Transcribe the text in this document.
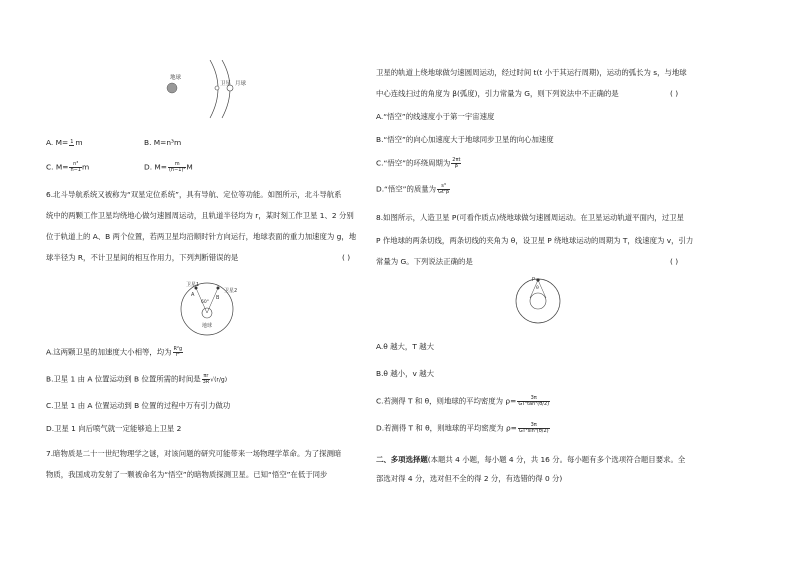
地球
卫星 月球
A. M= 1 m	B. M=n³m
C. $M= \frac{\text{n³}}{n-1}$ m	D. $M= \frac{m}{\text{(n−1)²}}$ M
6.北斗导航系统又被称为“双星定位系统”，具有导航、定位等功能。如图所示，北斗导航系
统中的两颗工作卫星均绕地心做匀速圆周运动，且轨道半径均为 r，某时刻工作卫星 1、2 分别
位于轨道上的 A、B 两个位置，若两卫星均沿顺时针方向运行，地球表面的重力加速度为 g，地
球半径为 R，不计卫星间的相互作用力，下列判断错误的是	( )
卫星1
卫星2
A	B
60°
地球
A.这两颗卫星的加速度大小相等，均为 $\frac{\text{R²g}}{\text{r²}}$
B.卫星 1 由 A 位置运动到 B 位置所需的时间是 $\frac{\pi r}{3R} √(r/g)$
C.卫星 1 由 A 位置运动到 B 位置的过程中万有引力做功
D.卫星 1 向后喷气就一定能够追上卫星 2
7.暗物质是二十一世纪物理学之谜，对该问题的研究可能带来一场物理学革命。为了探测暗
物质，我国成功发射了一颗被命名为“悟空”的暗物质探测卫星。已知“悟空”在低于同步
卫星的轨道上绕地球做匀速圆周运动，经过时间 t(t 小于其运行周期)，运动的弧长为 s，与地球
中心连线扫过的角度为 β(弧度)，引力常量为 G，则下列说法中不正确的是	( )
A.“悟空”的线速度小于第一宇宙速度
B.“悟空”的向心加速度大于地球同步卫星的向心加速度
C.“悟空”的环绕周期为 $\frac{2\pi t}{\beta}$
D.“悟空”的质量为 $\frac{\text{s³}}{\text{Gt²β}}$
8.如图所示，人造卫星 P(可看作质点)绕地球做匀速圆周运动。在卫星运动轨道平面内，过卫星
P 作地球的两条切线，两条切线的夹角为 θ，设卫星 P 绕地球运动的周期为 T，线速度为 v，引力
常量为 G。下列说法正确的是	( )
P
θ
A.θ 越大，T 越大
B.θ 越小，v 越大
C.若测得 T 和 θ，则地球的平均密度为 $\rho= \frac{3\pi}{\text{GT²tan³(θ/2)}}$
D.若测得 T 和 θ，则地球的平均密度为 $\rho= \frac{3\pi}{\text{GT²sin³(θ/2)}}$
二、多项选择题(本题共 4 小题，每小题 4 分，共 16 分。每小题有多个选项符合题目要求。全
部选对得 4 分，选对但不全的得 2 分，有选错的得 0 分)
